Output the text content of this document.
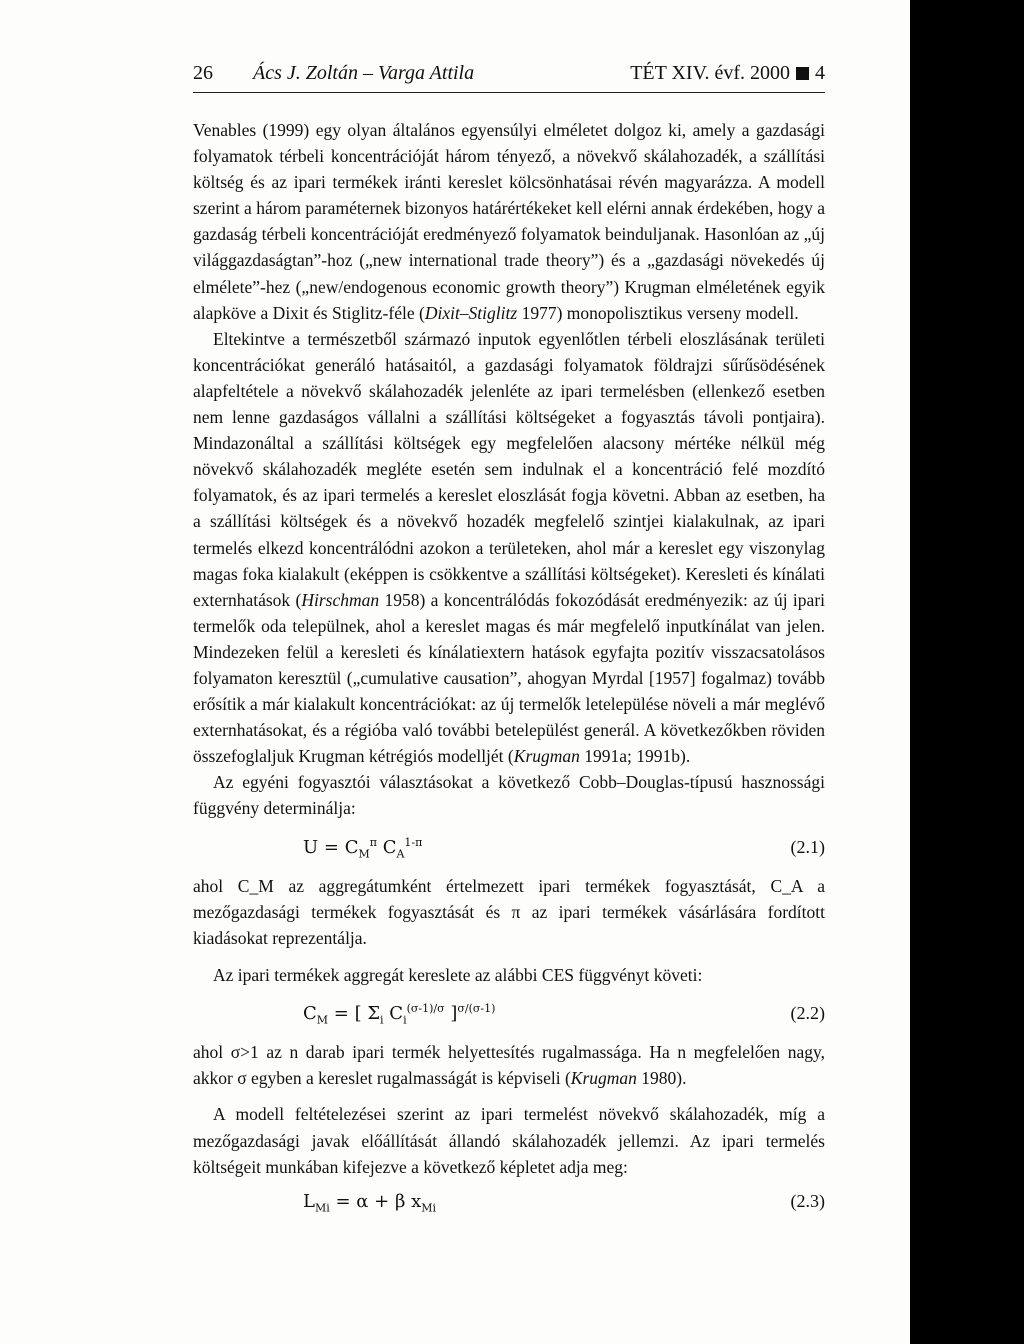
26 Ács J. Zoltán – Varga Attila	TÉT XIV. évf. 2000 4

Venables (1999) egy olyan általános egyensúlyi elméletet dolgoz ki, amely a gazdasági folyamatok térbeli koncentrációját három tényező, a növekvő skálahozadék, a szállítási költség és az ipari termékek iránti kereslet kölcsönhatásai révén magyarázza. A modell szerint a három paraméternek bizonyos határértékeket kell elérni annak érdekében, hogy a gazdaság térbeli koncentrációját eredményező folyamatok beinduljanak. Hasonlóan az „új világgazdaságtan”-hoz („new international trade theory”) és a „gazdasági növekedés új elmélete”-hez („new/endogenous economic growth theory”) Krugman elméletének egyik alapköve a Dixit és Stiglitz-féle (Dixit–Stiglitz 1977) monopolisztikus verseny modell.

Eltekintve a természetből származó inputok egyenlőtlen térbeli eloszlásának területi koncentrációkat generáló hatásaitól, a gazdasági folyamatok földrajzi sűrűsödésének alapfeltétele a növekvő skálahozadék jelenléte az ipari termelésben (ellenkező esetben nem lenne gazdaságos vállalni a szállítási költségeket a fogyasztás távoli pontjaira). Mindazonáltal a szállítási költségek egy megfelelően alacsony mértéke nélkül még növekvő skálahozadék megléte esetén sem indulnak el a koncentráció felé mozdító folyamatok, és az ipari termelés a kereslet eloszlását fogja követni. Abban az esetben, ha a szállítási költségek és a növekvő hozadék megfelelő szintjei kialakulnak, az ipari termelés elkezd koncentrálódni azokon a területeken, ahol már a kereslet egy viszonylag magas foka kialakult (eképpen is csökkentve a szállítási költségeket). Keresleti és kínálati externhatások (Hirschman 1958) a koncentrálódás fokozódását eredményezik: az új ipari termelők oda települnek, ahol a kereslet magas és már megfelelő inputkínálat van jelen. Mindezeken felül a keresleti és kínálatiextern hatások egyfajta pozitív visszacsatolásos folyamaton keresztül („cumulative causation”, ahogyan Myrdal [1957] fogalmaz) tovább erősítik a már kialakult koncentrációkat: az új termelők letelepülése növeli a már meglévő externhatásokat, és a régióba való további betelepülést generál. A következőkben röviden összefoglaljuk Krugman kétrégiós modelljét (Krugman 1991a; 1991b).

Az egyéni fogyasztói választásokat a következő Cobb–Douglas-típusú hasznossági függvény determinálja:

$U = C_M^\pi$ $C_A^{1-\pi}$	(2.1)

ahol C_M az aggregátumként értelmezett ipari termékek fogyasztását, C_A a mezőgazdasági termékek fogyasztását és π az ipari termékek vásárlására fordított kiadásokat reprezentálja.

Az ipari termékek aggregát kereslete az alábbi CES függvényt követi:

$C_M$ = [ $\Sigma_i$ $C_i^{(\sigma-1)/\sigma}$ ]$^{\sigma/(\sigma-1)}$	(2.2)

ahol σ>1 az n darab ipari termék helyettesítés rugalmassága. Ha n megfelelően nagy, akkor σ egyben a kereslet rugalmasságát is képviseli (Krugman 1980).

A modell feltételezései szerint az ipari termelést növekvő skálahozadék, míg a mezőgazdasági javak előállítását állandó skálahozadék jellemzi. Az ipari termelés költségeit munkában kifejezve a következő képletet adja meg:

$L_{Mi} = \alpha + \beta$ $x_{Mi}$	(2.3)
